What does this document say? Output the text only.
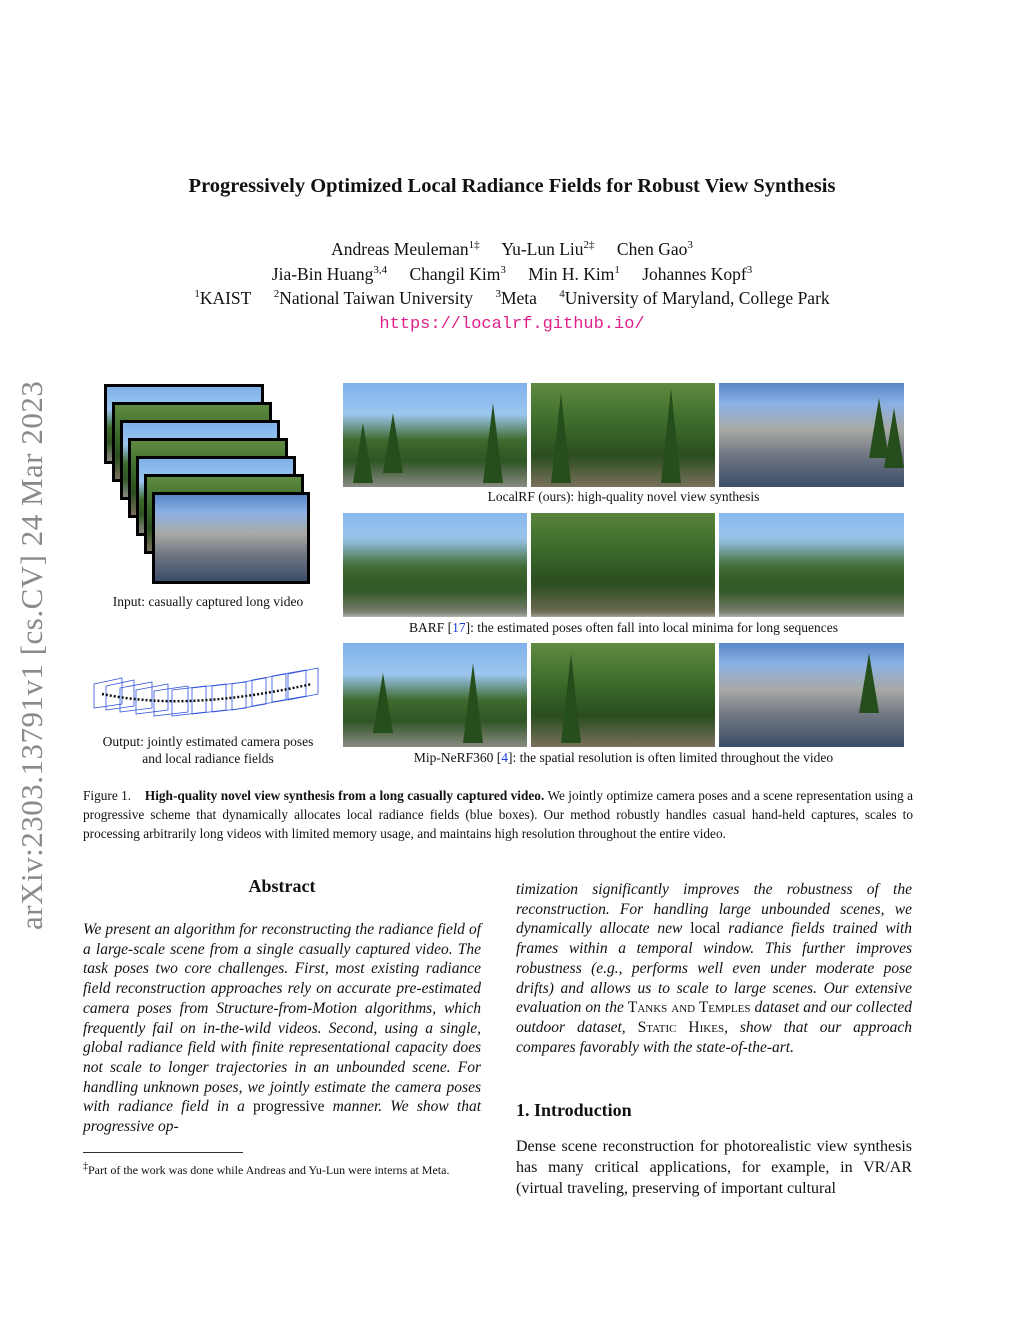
arXiv:2303.13791v1 [cs.CV] 24 Mar 2023
Progressively Optimized Local Radiance Fields for Robust View Synthesis
Andreas Meuleman$^{1\ddagger}$ Yu-Lun Liu$^{2\ddagger}$ Chen Gao$^3$
Jia-Bin Huang$^{3,4}$ Changil Kim$^3$ Min H. Kim$^1$ Johannes Kopf$^3$
$^1$KAIST $^2$National Taiwan University $^3$Meta $^4$University of Maryland, College Park
https://localrf.github.io/
Input: casually captured long video
Output: jointly estimated camera poses
and local radiance fields
LocalRF (ours): high-quality novel view synthesis
BARF [17]: the estimated poses often fall into local minima for long sequences
Mip-NeRF360 [4]: the spatial resolution is often limited throughout the video
Figure 1. High-quality novel view synthesis from a long casually captured video. We jointly optimize camera poses and a scene representation using a progressive scheme that dynamically allocates local radiance fields (blue boxes). Our method robustly handles casual hand-held captures, scales to processing arbitrarily long videos with limited memory usage, and maintains high resolution throughout the entire video.
Abstract
We present an algorithm for reconstructing the radiance field of a large-scale scene from a single casually captured video. The task poses two core challenges. First, most existing radiance field reconstruction approaches rely on accurate pre-estimated camera poses from Structure-from-Motion algorithms, which frequently fail on in-the-wild videos. Second, using a single, global radiance field with finite representational capacity does not scale to longer trajectories in an unbounded scene. For handling unknown poses, we jointly estimate the camera poses with radiance field in a progressive manner. We show that progressive op-
timization significantly improves the robustness of the reconstruction. For handling large unbounded scenes, we dynamically allocate new local radiance fields trained with frames within a temporal window. This further improves robustness (e.g., performs well even under moderate pose drifts) and allows us to scale to large scenes. Our extensive evaluation on the Tanks and Temples dataset and our collected outdoor dataset, Static Hikes, show that our approach compares favorably with the state-of-the-art.
1. Introduction
Dense scene reconstruction for photorealistic view synthesis has many critical applications, for example, in VR/AR (virtual traveling, preserving of important cultural
‡Part of the work was done while Andreas and Yu-Lun were interns at Meta.
